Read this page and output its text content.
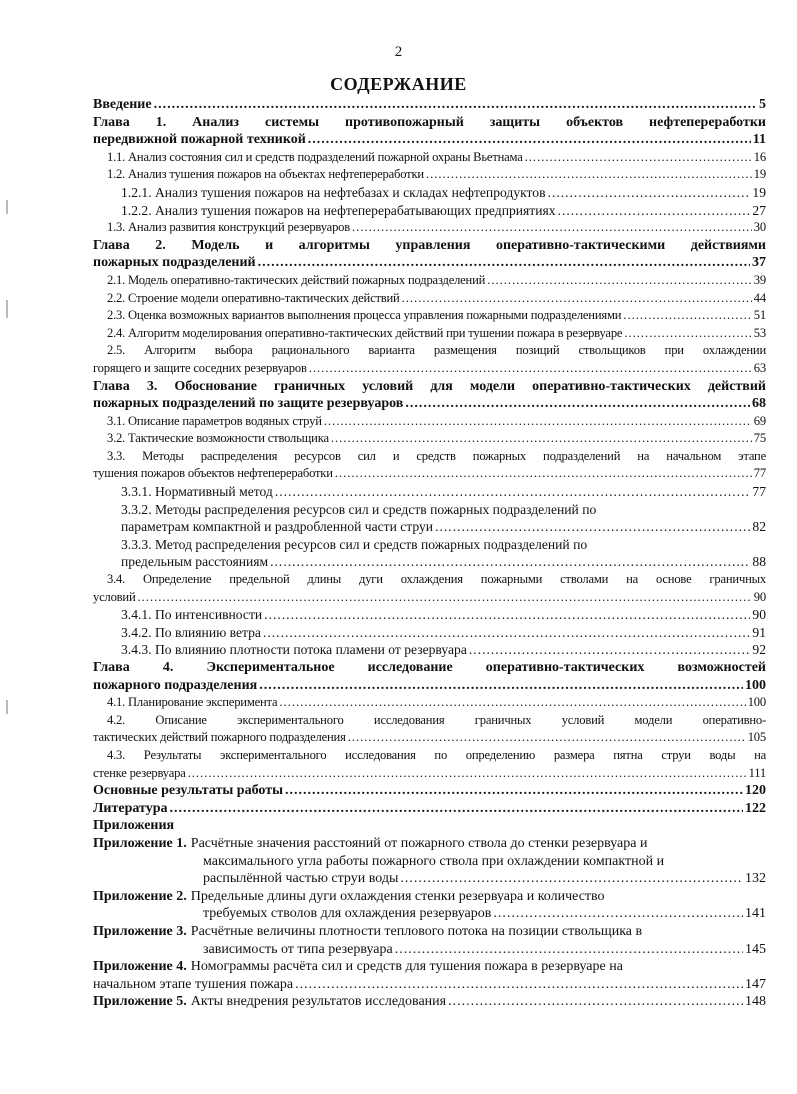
2
СОДЕРЖАНИЕ
Введение .....	5
Глава 1. Анализ системы противопожарный защиты объектов нефтепереработки
передвижной пожарной техникой .....	11
1.1. Анализ состояния сил и средств подразделений пожарной охраны Вьетнама .....	16
1.2. Анализ тушения пожаров на объектах нефтепереработки .....	19
1.2.1. Анализ тушения пожаров на нефтебазах и складах нефтепродуктов .....	19
1.2.2. Анализ тушения пожаров на нефтеперерабатывающих предприятиях .....	27
1.3. Анализ развития конструкций резервуаров .....	30
Глава 2. Модель и алгоритмы управления оперативно-тактическими действиями
пожарных подразделений .....	37
2.1. Модель оперативно-тактических действий пожарных подразделений .....	39
2.2. Строение модели оперативно-тактических действий .....	44
2.3. Оценка возможных вариантов выполнения процесса управления пожарными подразделениями .....	51
2.4. Алгоритм моделирования оперативно-тактических действий при тушении пожара в резервуаре .....	53
2.5. Алгоритм выбора рационального варианта размещения позиций ствольщиков при охлаждении
горящего и защите соседних резервуаров .....	63
Глава 3. Обоснование граничных условий для модели оперативно-тактических действий
пожарных подразделений по защите резервуаров .....	68
3.1. Описание параметров водяных струй .....	69
3.2. Тактические возможности ствольщика .....	75
3.3. Методы распределения ресурсов сил и средств пожарных подразделений на начальном этапе
тушения пожаров объектов нефтепереработки .....	77
3.3.1. Нормативный метод .....	77
3.3.2. Методы распределения ресурсов сил и средств пожарных подразделений по
параметрам компактной и раздробленной части струи .....	82
3.3.3. Метод распределения ресурсов сил и средств пожарных подразделений по
предельным расстояниям .....	88
3.4. Определение предельной длины дуги охлаждения пожарными стволами на основе граничных
условий .....	90
3.4.1. По интенсивности .....	90
3.4.2. По влиянию ветра .....	91
3.4.3. По влиянию плотности потока пламени от резервуара .....	92
Глава 4. Экспериментальное исследование оперативно-тактических возможностей
пожарного подразделения .....	100
4.1. Планирование эксперимента .....	100
4.2. Описание экспериментального исследования граничных условий модели оперативно-
тактических действий пожарного подразделения .....	105
4.3. Результаты экспериментального исследования по определению размера пятна струи воды на
стенке резервуара .....	111
Основные результаты работы .....	120
Литература .....	122
Приложения
Приложение 1. Расчётные значения расстояний от пожарного ствола до стенки резервуара и
максимального угла работы пожарного ствола при охлаждении компактной и
распылённой частью струи воды .....	132
Приложение 2. Предельные длины дуги охлаждения стенки резервуара и количество
требуемых стволов для охлаждения резервуаров .....	141
Приложение 3. Расчётные величины плотности теплового потока на позиции ствольщика в
зависимость от типа резервуара .....	145
Приложение 4. Номограммы расчёта сил и средств для тушения пожара в резервуаре на
начальном этапе тушения пожара .....	147
Приложение 5. Акты внедрения результатов исследования .....	148
